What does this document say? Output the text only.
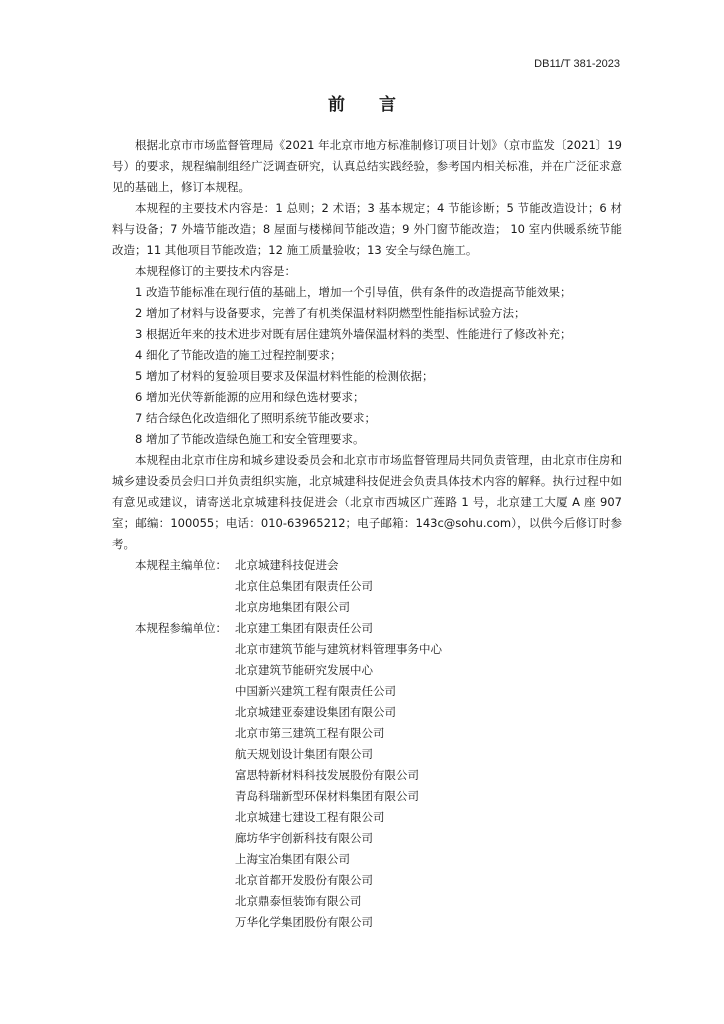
DB11/T 381-2023
前言

根据北京市市场监督管理局《2021 年北京市地方标准制修订项目计划》（京市监发〔2021〕19 号）的要求，规程编制组经广泛调查研究，认真总结实践经验，参考国内相关标准，并在广泛征求意见的基础上，修订本规程。

本规程的主要技术内容是：1 总则；2 术语；3 基本规定；4 节能诊断；5 节能改造设计；6 材料与设备；7 外墙节能改造；8 屋面与楼梯间节能改造；9 外门窗节能改造； 10 室内供暖系统节能改造；11 其他项目节能改造；12 施工质量验收；13 安全与绿色施工。

本规程修订的主要技术内容是：

1 改造节能标准在现行值的基础上，增加一个引导值，供有条件的改造提高节能效果；

2 增加了材料与设备要求，完善了有机类保温材料阴燃型性能指标试验方法；

3 根据近年来的技术进步对既有居住建筑外墙保温材料的类型、性能进行了修改补充；

4 细化了节能改造的施工过程控制要求；

5 增加了材料的复验项目要求及保温材料性能的检测依据；

6 增加光伏等新能源的应用和绿色选材要求；

7 结合绿色化改造细化了照明系统节能改要求；

8 增加了节能改造绿色施工和安全管理要求。

本规程由北京市住房和城乡建设委员会和北京市市场监督管理局共同负责管理，由北京市住房和城乡建设委员会归口并负责组织实施，北京城建科技促进会负责具体技术内容的解释。执行过程中如有意见或建议，请寄送北京城建科技促进会（北京市西城区广莲路 1 号，北京建工大厦 A 座 907 室；邮编：100055；电话：010-63965212；电子邮箱：143c@sohu.com），以供今后修订时参考。

本规程主编单位： 北京城建科技促进会
北京住总集团有限责任公司
北京房地集团有限公司
本规程参编单位： 北京建工集团有限责任公司
北京市建筑节能与建筑材料管理事务中心
北京建筑节能研究发展中心
中国新兴建筑工程有限责任公司
北京城建亚泰建设集团有限公司
北京市第三建筑工程有限公司
航天规划设计集团有限公司
富思特新材料科技发展股份有限公司
青岛科瑞新型环保材料集团有限公司
北京城建七建设工程有限公司
廊坊华宇创新科技有限公司
上海宝冶集团有限公司
北京首都开发股份有限公司
北京鼎泰恒装饰有限公司
万华化学集团股份有限公司
